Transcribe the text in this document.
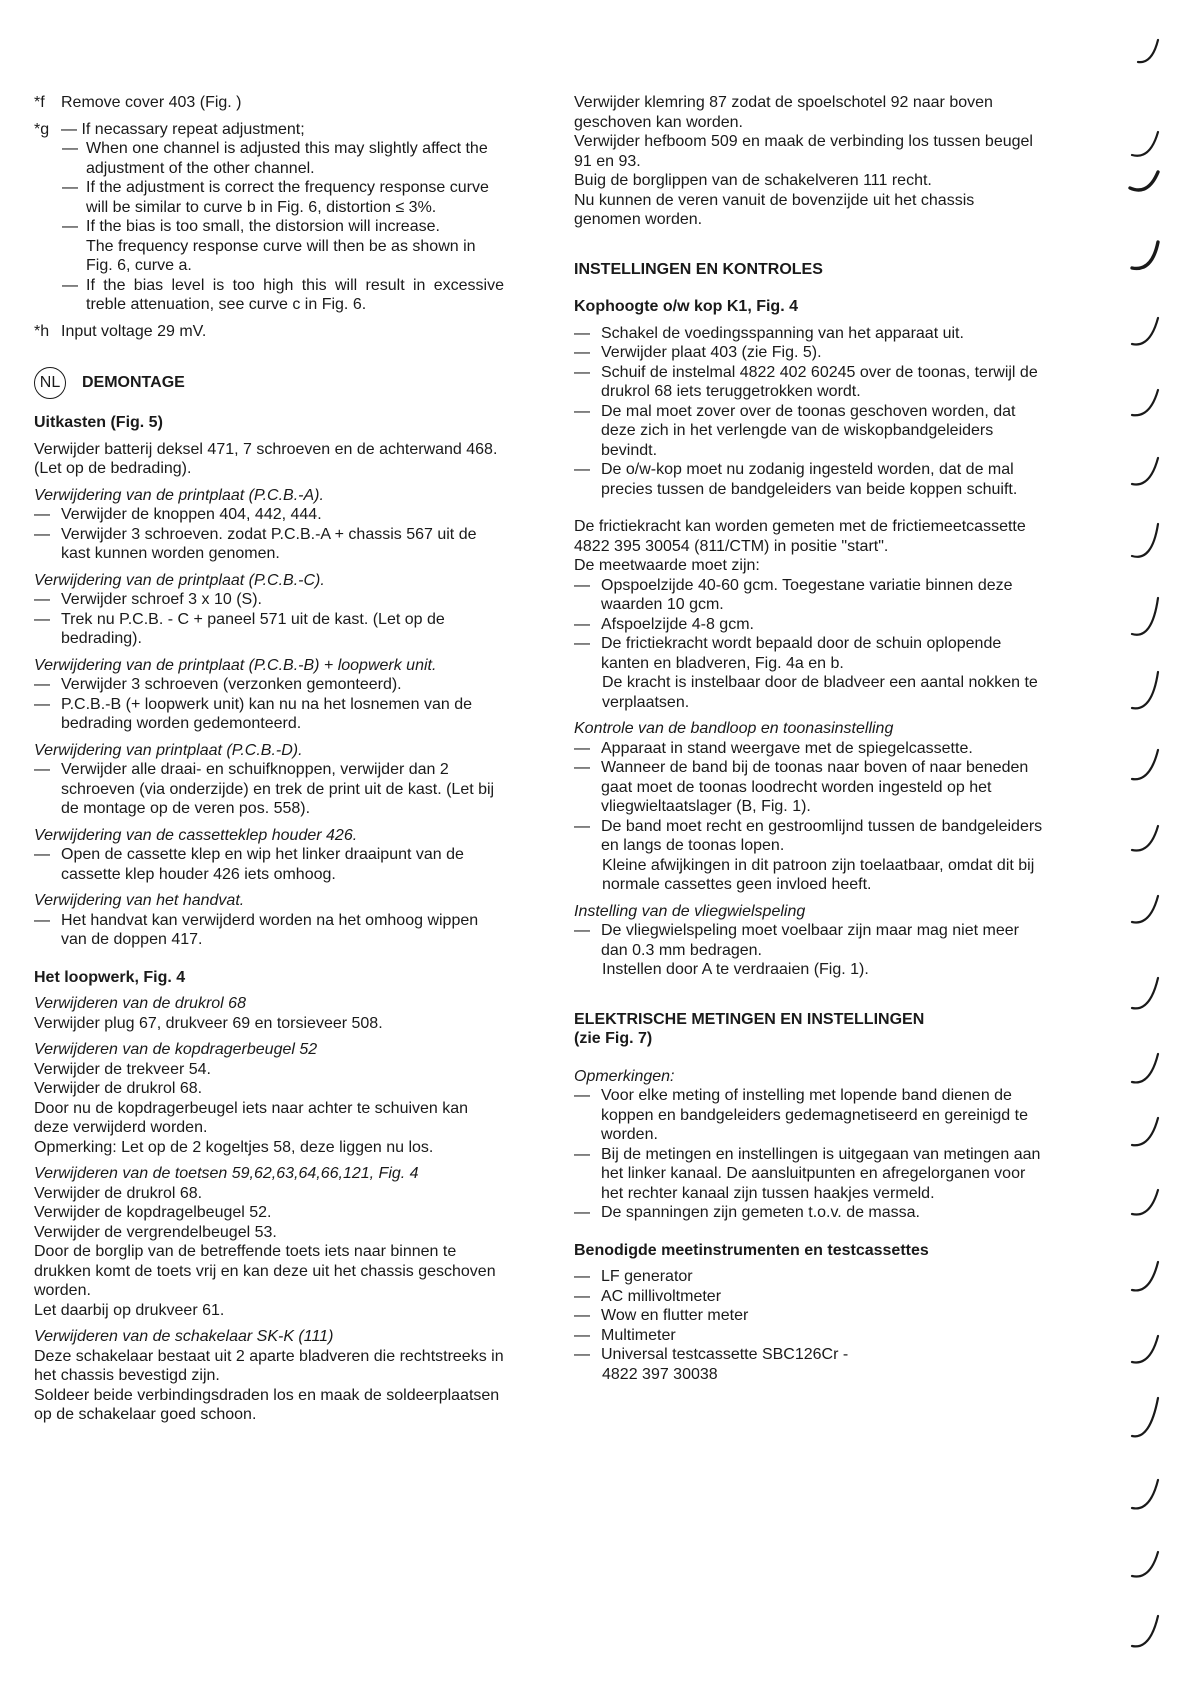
*f	Remove cover 403 (Fig. )
*g — If necassary repeat adjustment;
— When one channel is adjusted this may slightly affect the adjustment of the other channel.
— If the adjustment is correct the frequency response curve will be similar to curve b in Fig. 6, distortion ≤ 3%.
— If the bias is too small, the distorsion will increase.

The frequency response curve will then be as shown in Fig. 6, curve a.

— If the bias level is too high this will result in excessive treble attenuation, see curve c in Fig. 6.
*h Input voltage 29 mV.
NL	DEMONTAGE

Uitkasten (Fig. 5)

Verwijder batterij deksel 471, 7 schroeven en de achterwand 468. (Let op de bedrading).

Verwijdering van de printplaat (P.C.B.-A).

— Verwijder de knoppen 404, 442, 444.
— Verwijder 3 schroeven. zodat P.C.B.-A + chassis 567 uit de kast kunnen worden genomen.

Verwijdering van de printplaat (P.C.B.-C).

— Verwijder schroef 3 x 10 (S).
— Trek nu P.C.B. - C + paneel 571 uit de kast. (Let op de bedrading).

Verwijdering van de printplaat (P.C.B.-B) + loopwerk unit.

— Verwijder 3 schroeven (verzonken gemonteerd).
— P.C.B.-B (+ loopwerk unit) kan nu na het losnemen van de bedrading worden gedemonteerd.

Verwijdering van printplaat (P.C.B.-D).

— Verwijder alle draai- en schuifknoppen, verwijder dan 2 schroeven (via onderzijde) en trek de print uit de kast. (Let bij de montage op de veren pos. 558).

Verwijdering van de cassetteklep houder 426.

— Open de cassette klep en wip het linker draaipunt van de cassette klep houder 426 iets omhoog.

Verwijdering van het handvat.

— Het handvat kan verwijderd worden na het omhoog wippen van de doppen 417.

Het loopwerk, Fig. 4

Verwijderen van de drukrol 68

Verwijder plug 67, drukveer 69 en torsieveer 508.

Verwijderen van de kopdragerbeugel 52

Verwijder de trekveer 54.

Verwijder de drukrol 68.

Door nu de kopdragerbeugel iets naar achter te schuiven kan deze verwijderd worden.

Opmerking: Let op de 2 kogeltjes 58, deze liggen nu los.

Verwijderen van de toetsen 59,62,63,64,66,121, Fig. 4

Verwijder de drukrol 68.

Verwijder de kopdragelbeugel 52.

Verwijder de vergrendelbeugel 53.

Door de borglip van de betreffende toets iets naar binnen te drukken komt de toets vrij en kan deze uit het chassis geschoven worden.

Let daarbij op drukveer 61.

Verwijderen van de schakelaar SK-K (111)

Deze schakelaar bestaat uit 2 aparte bladveren die rechtstreeks in het chassis bevestigd zijn.

Soldeer beide verbindingsdraden los en maak de soldeerplaatsen op de schakelaar goed schoon.

Verwijder klemring 87 zodat de spoelschotel 92 naar boven geschoven kan worden.

Verwijder hefboom 509 en maak de verbinding los tussen beugel 91 en 93.

Buig de borglippen van de schakelveren 111 recht.

Nu kunnen de veren vanuit de bovenzijde uit het chassis genomen worden.

INSTELLINGEN EN KONTROLES

Kophoogte o/w kop K1, Fig. 4

— Schakel de voedingsspanning van het apparaat uit.
— Verwijder plaat 403 (zie Fig. 5).
— Schuif de instelmal 4822 402 60245 over de toonas, terwijl de drukrol 68 iets teruggetrokken wordt.
— De mal moet zover over de toonas geschoven worden, dat deze zich in het verlengde van de wiskopbandgeleiders bevindt.
— De o/w-kop moet nu zodanig ingesteld worden, dat de mal precies tussen de bandgeleiders van beide koppen schuift.

De frictiekracht kan worden gemeten met de frictiemeetcassette 4822 395 30054 (811/CTM) in positie "start".

De meetwaarde moet zijn:

— Opspoelzijde 40-60 gcm. Toegestane variatie binnen deze waarden 10 gcm.
— Afspoelzijde 4-8 gcm.
— De frictiekracht wordt bepaald door de schuin oplopende kanten en bladveren, Fig. 4a en b.

De kracht is instelbaar door de bladveer een aantal nokken te verplaatsen.

Kontrole van de bandloop en toonasinstelling

— Apparaat in stand weergave met de spiegelcassette.
— Wanneer de band bij de toonas naar boven of naar beneden gaat moet de toonas loodrecht worden ingesteld op het vliegwieltaatslager (B, Fig. 1).
— De band moet recht en gestroomlijnd tussen de bandgeleiders en langs de toonas lopen.

Kleine afwijkingen in dit patroon zijn toelaatbaar, omdat dit bij normale cassettes geen invloed heeft.

Instelling van de vliegwielspeling

— De vliegwielspeling moet voelbaar zijn maar mag niet meer dan 0.3 mm bedragen.

Instellen door A te verdraaien (Fig. 1).

ELEKTRISCHE METINGEN EN INSTELLINGEN

(zie Fig. 7)

Opmerkingen:

— Voor elke meting of instelling met lopende band dienen de koppen en bandgeleiders gedemagnetiseerd en gereinigd te worden.
— Bij de metingen en instellingen is uitgegaan van metingen aan het linker kanaal. De aansluitpunten en afregelorganen voor het rechter kanaal zijn tussen haakjes vermeld.
— De spanningen zijn gemeten t.o.v. de massa.

Benodigde meetinstrumenten en testcassettes

— LF generator
— AC millivoltmeter
— Wow en flutter meter
— Multimeter
— Universal testcassette SBC126Cr -

4822 397 30038
